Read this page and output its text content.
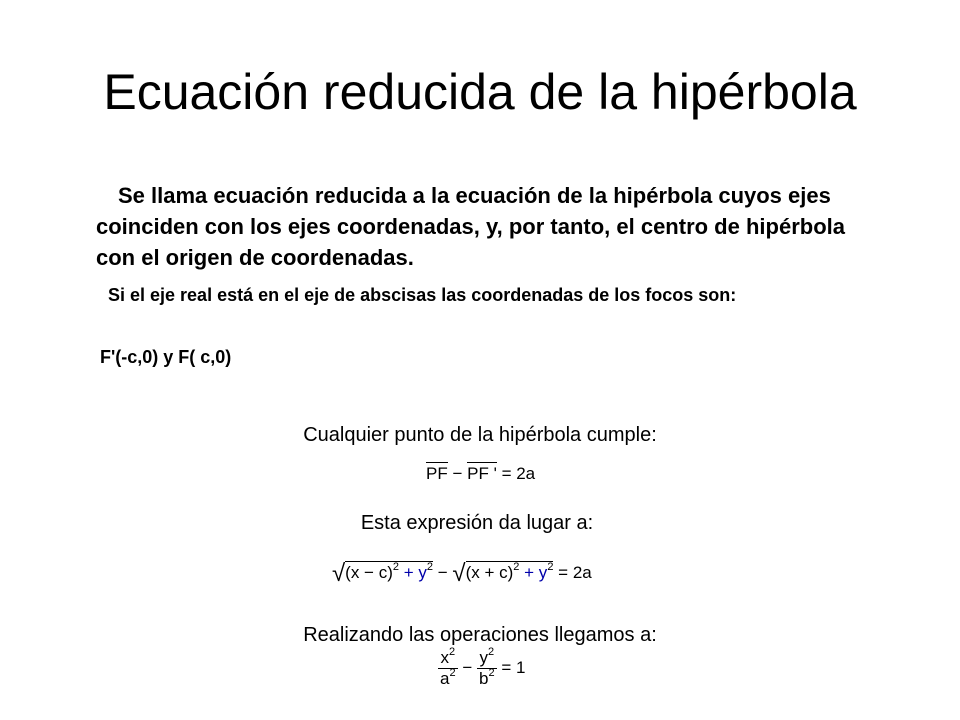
Ecuación reducida de la hipérbola
Se llama ecuación reducida a la ecuación de la hipérbola cuyos ejes coinciden con los ejes coordenadas, y, por tanto, el centro de hipérbola con el origen de coordenadas.
Si el eje real está en el eje de abscisas las coordenadas de los focos son:
F'(-c,0) y F( c,0)
Cualquier punto de la hipérbola cumple:
PF − PF ' = 2a
Esta expresión da lugar a:
$√(x - c)^2 + y^2 - √(x + c)^2 + y^2 = 2a$
Realizando las operaciones llegamos a:
$\frac{x^2}{a^2} - \frac{y^2}{b^2} = 1$
